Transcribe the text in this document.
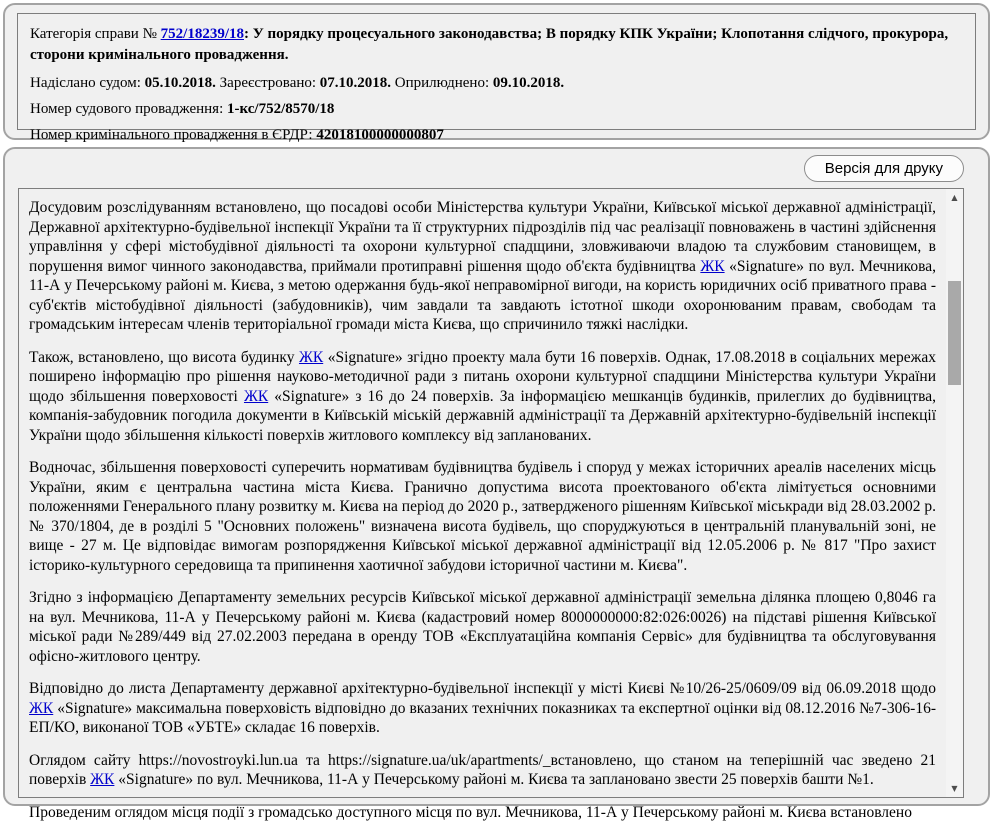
Категорія справи № 752/18239/18: У порядку процесуального законодавства; В порядку КПК України; Клопотання слідчого, прокурора, сторони кримінального провадження.

Надіслано судом: 05.10.2018. Зареєстровано: 07.10.2018. Оприлюднено: 09.10.2018.

Номер судового провадження: 1-кс/752/8570/18

Номер кримінального провадження в ЄРДР: 42018100000000807

Версія для друку

Досудовим розслідуванням встановлено, що посадові особи Міністерства культури України, Київської міської державної адміністрації, Державної архітектурно-будівельної інспекції України та її структурних підрозділів під час реалізації повноважень в частині здійснення управління у сфері містобудівної діяльності та охорони культурної спадщини, зловживаючи владою та службовим становищем, в порушення вимог чинного законодавства, приймали протиправні рішення щодо об'єкта будівництва ЖК «Signature» по вул. Мечникова, 11-А у Печерському районі м. Києва, з метою одержання будь-якої неправомірної вигоди, на користь юридичних осіб приватного права - суб'єктів містобудівної діяльності (забудовників), чим завдали та завдають істотної шкоди охоронюваним правам, свободам та громадським інтересам членів територіальної громади міста Києва, що спричинило тяжкі наслідки.

Також, встановлено, що висота будинку ЖК «Signature» згідно проекту мала бути 16 поверхів. Однак, 17.08.2018 в соціальних мережах поширено інформацію про рішення науково-методичної ради з питань охорони культурної спадщини Міністерства культури України щодо збільшення поверховості ЖК «Signature» з 16 до 24 поверхів. За інформацією мешканців будинків, прилеглих до будівництва, компанія-забудовник погодила документи в Київській міській державній адміністрації та Державній архітектурно-будівельній інспекції України щодо збільшення кількості поверхів житлового комплексу від запланованих.

Водночас, збільшення поверховості суперечить нормативам будівництва будівель і споруд у межах історичних ареалів населених місць України, яким є центральна частина міста Києва. Гранично допустима висота проектованого об'єкта лімітується основними положеннями Генерального плану розвитку м. Києва на період до 2020 р., затвердженого рішенням Київської міськради від 28.03.2002 р. № 370/1804, де в розділі 5 "Основних положень" визначена висота будівель, що споруджуються в центральній планувальній зоні, не вище - 27 м. Це відповідає вимогам розпорядження Київської міської державної адміністрації від 12.05.2006 р. № 817 "Про захист історико-культурного середовища та припинення хаотичної забудови історичної частини м. Києва".

Згідно з інформацією Департаменту земельних ресурсів Київської міської державної адміністрації земельна ділянка площею 0,8046 га на вул. Мечникова, 11-А у Печерському районі м. Києва (кадастровий номер 8000000000:82:026:0026) на підставі рішення Київської міської ради №289/449 від 27.02.2003 передана в оренду ТОВ «Експлуатаційна компанія Сервіс» для будівництва та обслуговування офісно-житлового центру.

Відповідно до листа Департаменту державної архітектурно-будівельної інспекції у місті Києві №10/26-25/0609/09 від 06.09.2018 щодо ЖК «Signature» максимальна поверховість відповідно до вказаних технічних показниках та експертної оцінки від 08.12.2016 №7-306-16-ЕП/КО, виконаної ТОВ «УБТЕ» складає 16 поверхів.

Оглядом сайту https://novostroyki.lun.ua та https://signature.ua/uk/apartments/_встановлено, що станом на теперішній час зведено 21 поверхів ЖК «Signature» по вул. Мечникова, 11-А у Печерському районі м. Києва та заплановано звести 25 поверхів башти №1.

Проведеним оглядом місця події з громадсько доступного місця по вул. Мечникова, 11-А у Печерському районі м. Києва встановлено

▲
▼
